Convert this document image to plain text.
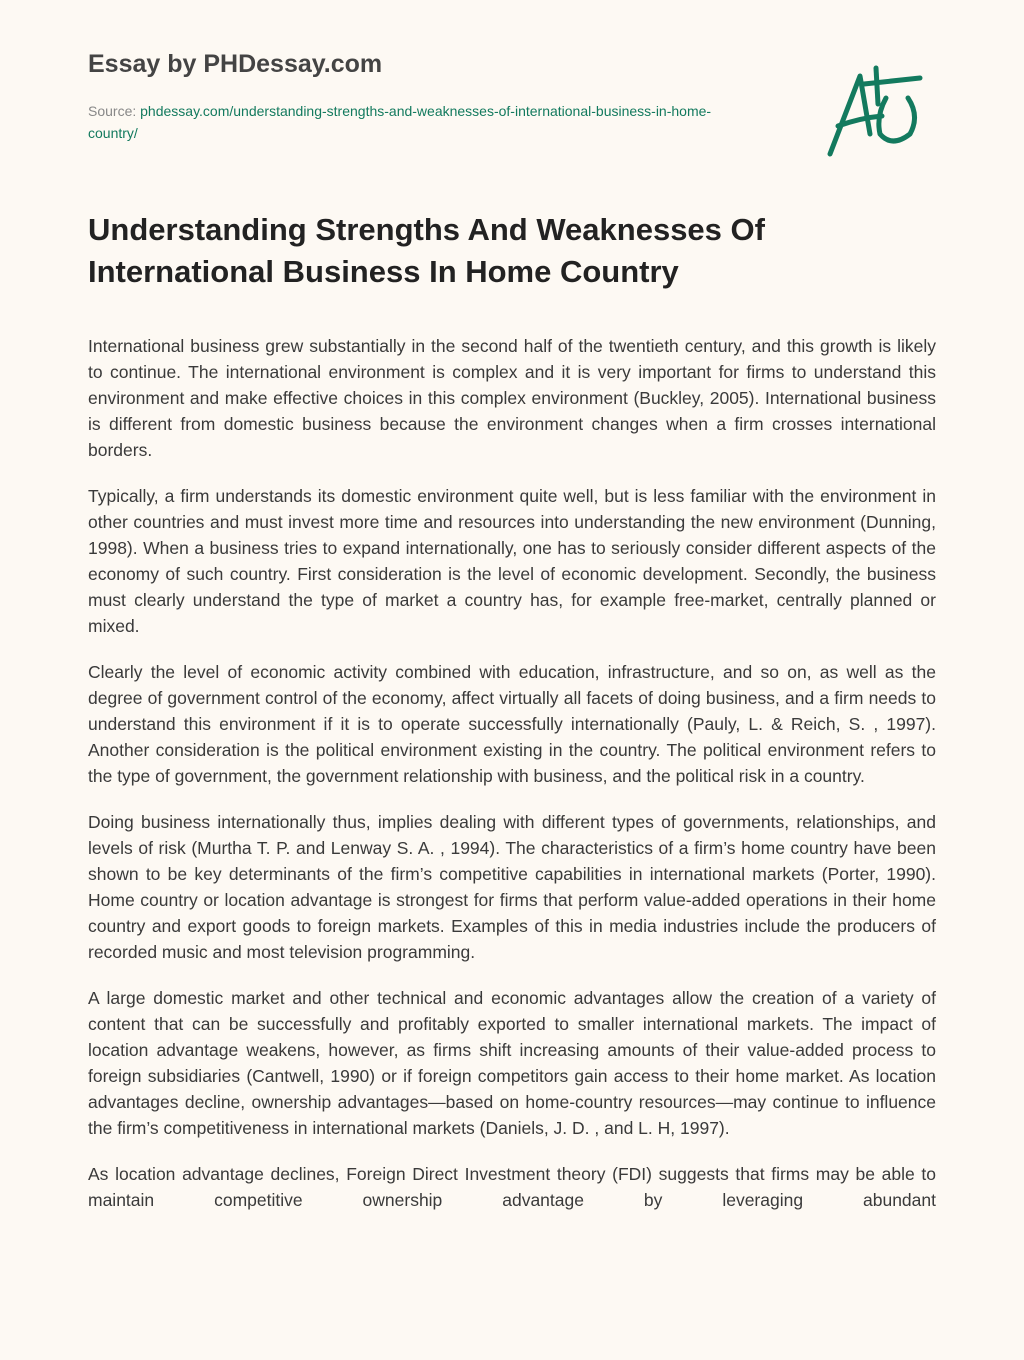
Essay by PHDessay.com
Source: phdessay.com/understanding-strengths-and-weaknesses-of-international-business-in-home-country/
Understanding Strengths And Weaknesses Of International Business In Home Country

International business grew substantially in the second half of the twentieth century, and this growth is likely to continue. The international environment is complex and it is very important for firms to understand this environment and make effective choices in this complex environment (Buckley, 2005). International business is different from domestic business because the environment changes when a firm crosses international borders.

Typically, a firm understands its domestic environment quite well, but is less familiar with the environment in other countries and must invest more time and resources into understanding the new environment (Dunning, 1998). When a business tries to expand internationally, one has to seriously consider different aspects of the economy of such country. First consideration is the level of economic development. Secondly, the business must clearly understand the type of market a country has, for example free-market, centrally planned or mixed.

Clearly the level of economic activity combined with education, infrastructure, and so on, as well as the degree of government control of the economy, affect virtually all facets of doing business, and a firm needs to understand this environment if it is to operate successfully internationally (Pauly, L. & Reich, S. , 1997). Another consideration is the political environment existing in the country. The political environment refers to the type of government, the government relationship with business, and the political risk in a country.

Doing business internationally thus, implies dealing with different types of governments, relationships, and levels of risk (Murtha T. P. and Lenway S. A. , 1994). The characteristics of a firm’s home country have been shown to be key determinants of the firm’s competitive capabilities in international markets (Porter, 1990). Home country or location advantage is strongest for firms that perform value-added operations in their home country and export goods to foreign markets. Examples of this in media industries include the producers of recorded music and most television programming.

A large domestic market and other technical and economic advantages allow the creation of a variety of content that can be successfully and profitably exported to smaller international markets. The impact of location advantage weakens, however, as firms shift increasing amounts of their value-added process to foreign subsidiaries (Cantwell, 1990) or if foreign competitors gain access to their home market. As location advantages decline, ownership advantages—based on home-country resources—may continue to influence the firm’s competitiveness in international markets (Daniels, J. D. , and L. H, 1997).

As location advantage declines, Foreign Direct Investment theory (FDI) suggests that firms may be able to maintain competitive ownership advantage by leveraging abundant
